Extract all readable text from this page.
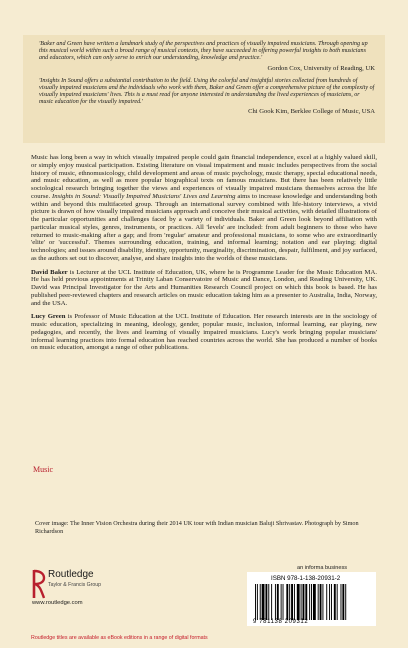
'Baker and Green have written a landmark study of the perspectives and practices of visually impaired musicians. Through opening up this musical world within such a broad range of musical contexts, they have succeeded in offering powerful insights to both musicians and educators, which can only serve to enrich our understanding, knowledge and practice.'

Gordon Cox, University of Reading, UK

'Insights In Sound offers a substantial contribution to the field. Using the colorful and insightful stories collected from hundreds of visually impaired musicians and the individuals who work with them, Baker and Green offer a comprehensive picture of the complexity of visually impaired musicians' lives. This is a must read for anyone interested in understanding the lived experiences of musicians, or music education for the visually impaired.'

Chi Gook Kim, Berklee College of Music, USA

Music has long been a way in which visually impaired people could gain financial independence, excel at a highly valued skill, or simply enjoy musical participation. Existing literature on visual impairment and music includes perspectives from the social history of music, ethnomusicology, child development and areas of music psychology, music therapy, special educational needs, and music education, as well as more popular biographical texts on famous musicians. But there has been relatively little sociological research bringing together the views and experiences of visually impaired musicians themselves across the life course. Insights in Sound: Visually Impaired Musicians' Lives and Learning aims to increase knowledge and understanding both within and beyond this multifaceted group. Through an international survey combined with life-history interviews, a vivid picture is drawn of how visually impaired musicians approach and conceive their musical activities, with detailed illustrations of the particular opportunities and challenges faced by a variety of individuals. Baker and Green look beyond affiliation with particular musical styles, genres, instruments, or practices. All 'levels' are included: from adult beginners to those who have returned to music-making after a gap; and from 'regular' amateur and professional musicians, to some who are extraordinarily 'elite' or 'successful'. Themes surrounding education, training, and informal learning; notation and ear playing; digital technologies; and issues around disability, identity, opportunity, marginality, discrimination, despair, fulfilment, and joy surfaced, as the authors set out to discover, analyse, and share insights into the worlds of these musicians.

David Baker is Lecturer at the UCL Institute of Education, UK, where he is Programme Leader for the Music Education MA. He has held previous appointments at Trinity Laban Conservatoire of Music and Dance, London, and Reading University, UK. David was Principal Investigator for the Arts and Humanities Research Council project on which this book is based. He has published peer-reviewed chapters and research articles on music education taking him as a presenter to Australia, India, Norway, and the USA.

Lucy Green is Professor of Music Education at the UCL Institute of Education. Her research interests are in the sociology of music education, specializing in meaning, ideology, gender, popular music, inclusion, informal learning, ear playing, new pedagogies, and recently, the lives and learning of visually impaired musicians. Lucy's work bringing popular musicians' informal learning practices into formal education has reached countries across the world. She has produced a number of books on music education, amongst a range of other publications.

Music
Cover image: The Inner Vision Orchestra during their 2014 UK tour with Indian musician Baluji Shrivastav. Photograph by Simon Richardson
Routledge
Taylor & Francis Group
www.routledge.com
an informa business
ISBN 978-1-138-20931-2
9 781138 209312
Routledge titles are available as eBook editions in a range of digital formats
